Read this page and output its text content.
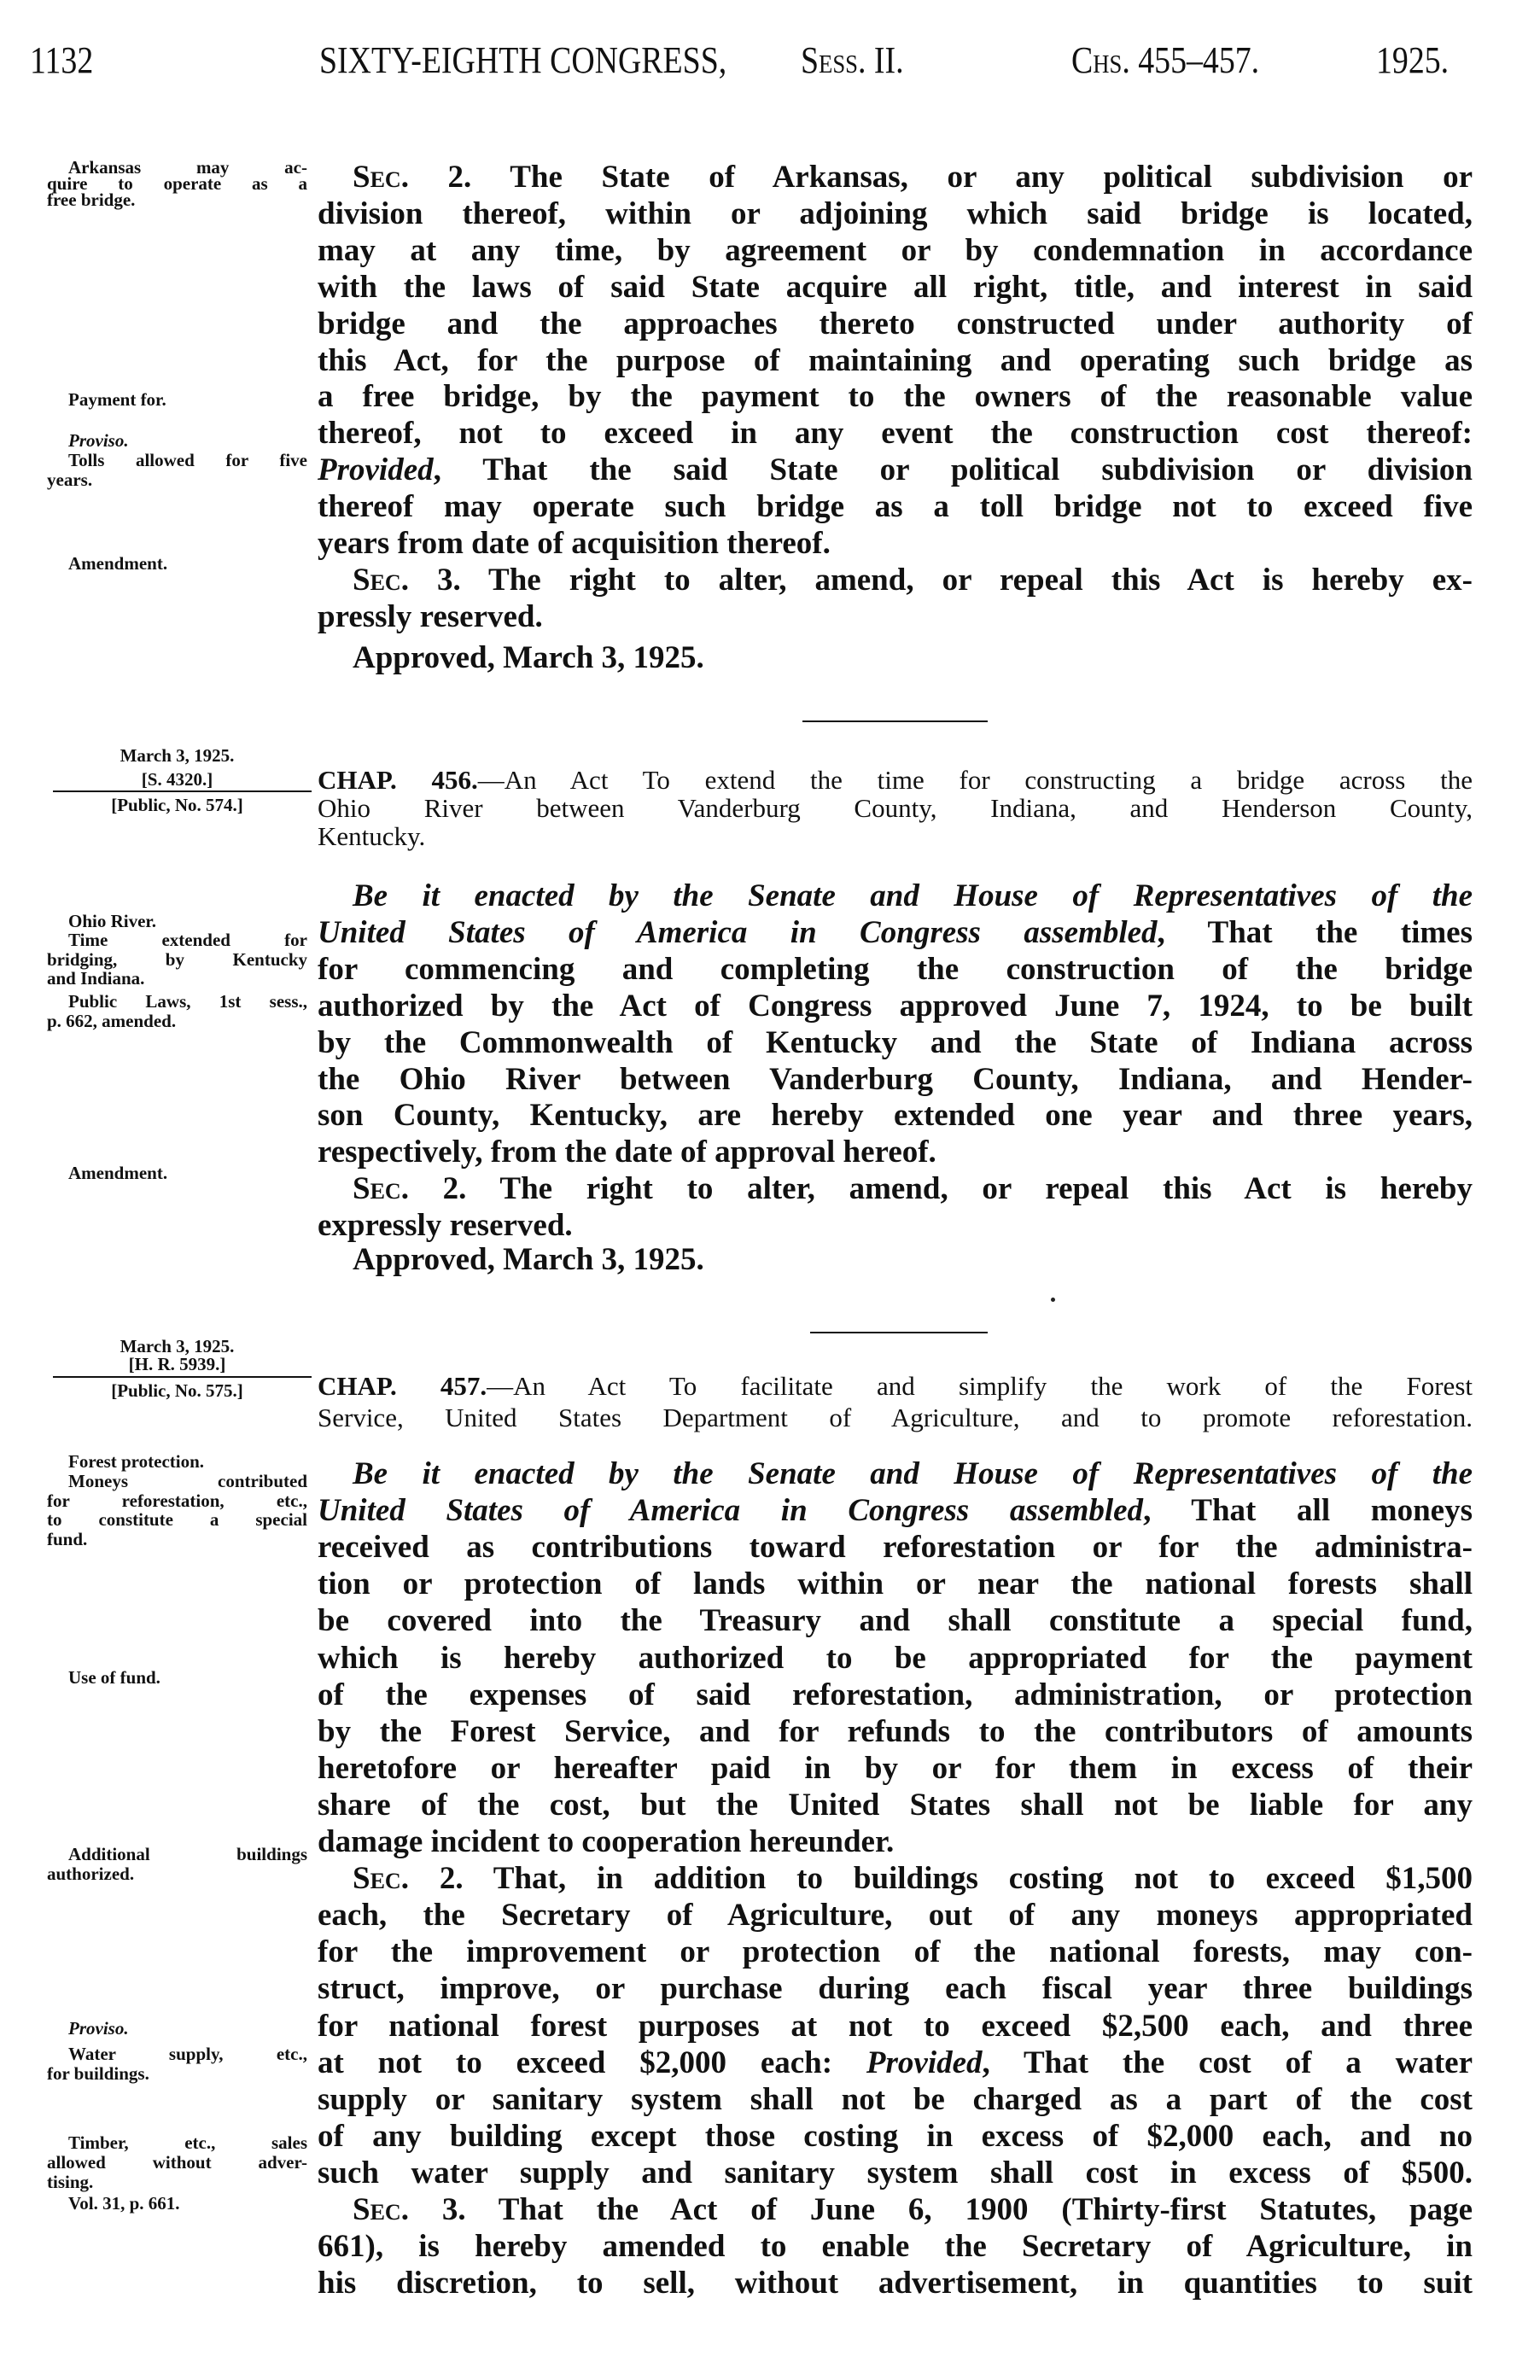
1132	SIXTY-EIGHTH CONGRESS, Sess. II.	Chs. 455–457.	1925.
Approved, March 3, 1925.
Approved, March 3, 1925.
Sec. 2. The State of Arkansas, or any political subdivision or
division thereof, within or adjoining which said bridge is located,
may at any time, by agreement or by condemnation in accordance
with the laws of said State acquire all right, title, and interest in said
bridge and the approaches thereto constructed under authority of
this Act, for the purpose of maintaining and operating such bridge as
a free bridge, by the payment to the owners of the reasonable value
thereof, not to exceed in any event the construction cost thereof:
Provided, That the said State or political subdivision or division
thereof may operate such bridge as a toll bridge not to exceed five
years from date of acquisition thereof.
Sec. 3. The right to alter, amend, or repeal this Act is hereby ex-
pressly reserved.
Be it enacted by the Senate and House of Representatives of the
United States of America in Congress assembled, That the times
for commencing and completing the construction of the bridge
authorized by the Act of Congress approved June 7, 1924, to be built
by the Commonwealth of Kentucky and the State of Indiana across
the Ohio River between Vanderburg County, Indiana, and Hender-
son County, Kentucky, are hereby extended one year and three years,
respectively, from the date of approval hereof.
Sec. 2. The right to alter, amend, or repeal this Act is hereby
expressly reserved.
CHAP. 456.—An Act To extend the time for constructing a bridge across the
Ohio River between Vanderburg County, Indiana, and Henderson County,
Kentucky.
Be it enacted by the Senate and House of Representatives of the
United States of America in Congress assembled, That all moneys
received as contributions toward reforestation or for the administra-
tion or protection of lands within or near the national forests shall
be covered into the Treasury and shall constitute a special fund,
which is hereby authorized to be appropriated for the payment
of the expenses of said reforestation, administration, or protection
by the Forest Service, and for refunds to the contributors of amounts
heretofore or hereafter paid in by or for them in excess of their
share of the cost, but the United States shall not be liable for any
damage incident to cooperation hereunder.
Sec. 2. That, in addition to buildings costing not to exceed $1,500
each, the Secretary of Agriculture, out of any moneys appropriated
for the improvement or protection of the national forests, may con-
struct, improve, or purchase during each fiscal year three buildings
for national forest purposes at not to exceed $2,500 each, and three
at not to exceed $2,000 each: Provided, That the cost of a water
supply or sanitary system shall not be charged as a part of the cost
of any building except those costing in excess of $2,000 each, and no
such water supply and sanitary system shall cost in excess of $500.
Sec. 3. That the Act of June 6, 1900 (Thirty-first Statutes, page
661), is hereby amended to enable the Secretary of Agriculture, in
his discretion, to sell, without advertisement, in quantities to suit
CHAP. 457.—An Act To facilitate and simplify the work of the Forest
Service, United States Department of Agriculture, and to promote reforestation.
Arkansas may ac-
quire to operate as a
free bridge.
Payment for.
Proviso.
Tolls allowed for five
years.
Amendment.
March 3, 1925.
[S. 4320.]
[Public, No. 574.]
Ohio River.
Time extended for
bridging, by Kentucky
and Indiana.
Public Laws, 1st sess.,
p. 662, amended.
Amendment.
March 3, 1925.
[H. R. 5939.]
[Public, No. 575.]
Forest protection.
Moneys contributed
for reforestation, etc.,
to constitute a special
fund.
Use of fund.
Additional buildings
authorized.
Proviso.
Water supply, etc.,
for buildings.
Timber, etc., sales
allowed without adver-
tising.
Vol. 31, p. 661.
